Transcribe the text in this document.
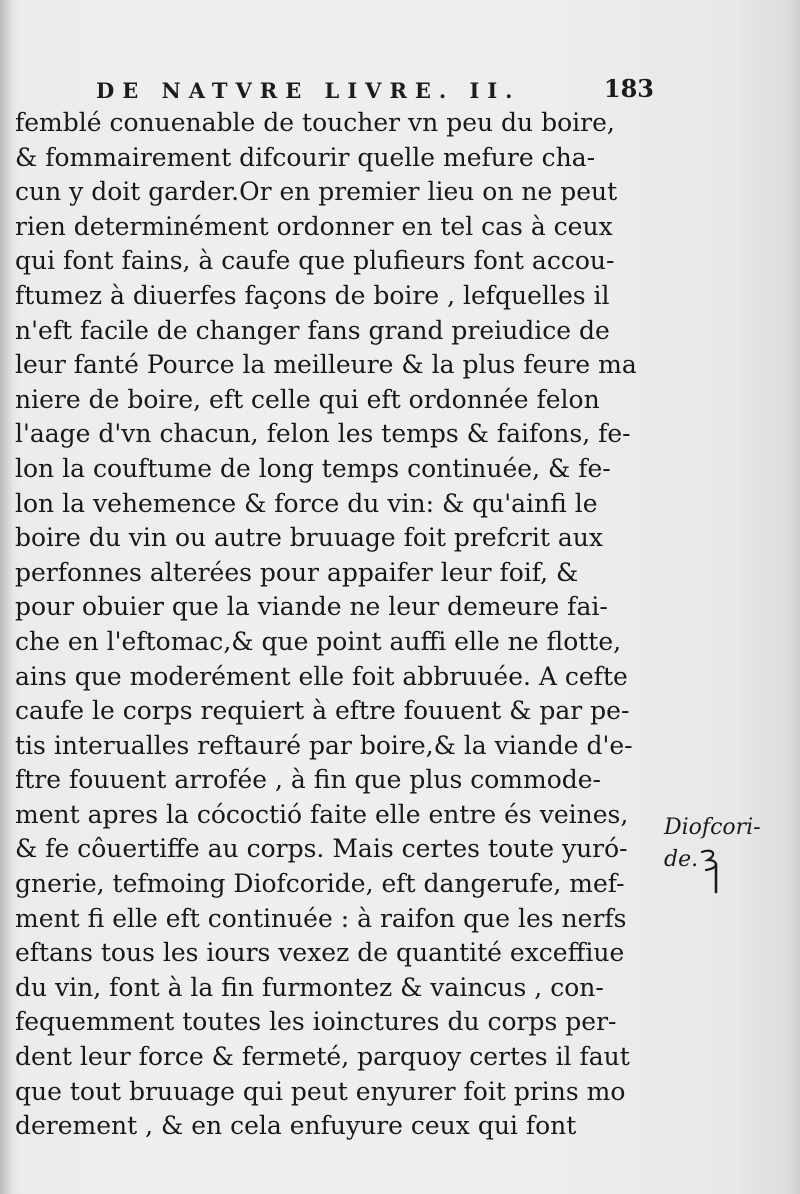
DE NATVRE LIVRE. II.	183
femblé conuenable de toucher vn peu du boire,
& fommairement difcourir quelle mefure cha-
cun y doit garder.Or en premier lieu on ne peut
rien determinément ordonner en tel cas à ceux
qui font fains, à caufe que plufieurs font accou-
ftumez à diuerfes façons de boire , lefquelles il
n'eft facile de changer fans grand preiudice de
leur fanté Pource la meilleure & la plus feure ma
niere de boire, eft celle qui eft ordonnée felon
l'aage d'vn chacun, felon les temps & faifons, fe-
lon la couftume de long temps continuée, & fe-
lon la vehemence & force du vin: & qu'ainfi le
boire du vin ou autre bruuage foit prefcrit aux
perfonnes alterées pour appaifer leur foif, &
pour obuier que la viande ne leur demeure fai-
che en l'eftomac,& que point auffi elle ne flotte,
ains que moderément elle foit abbruuée. A cefte
caufe le corps requiert à eftre fouuent & par pe-
tis interualles reftauré par boire,& la viande d'e-
ftre fouuent arrofée , à fin que plus commode-
ment apres la cócoctió faite elle entre és veines,
& fe côuertiffe au corps. Mais certes toute yuró-
gnerie, tefmoing Diofcoride, eft dangerufe, mef-
ment fi elle eft continuée : à raifon que les nerfs
eftans tous les iours vexez de quantité exceffiue
du vin, font à la fin furmontez & vaincus , con-
fequemment toutes les ioinctures du corps per-
dent leur force & fermeté, parquoy certes il faut
que tout bruuage qui peut enyurer foit prins mo
derement , & en cela enfuyure ceux qui font
Diofcori-
de.
